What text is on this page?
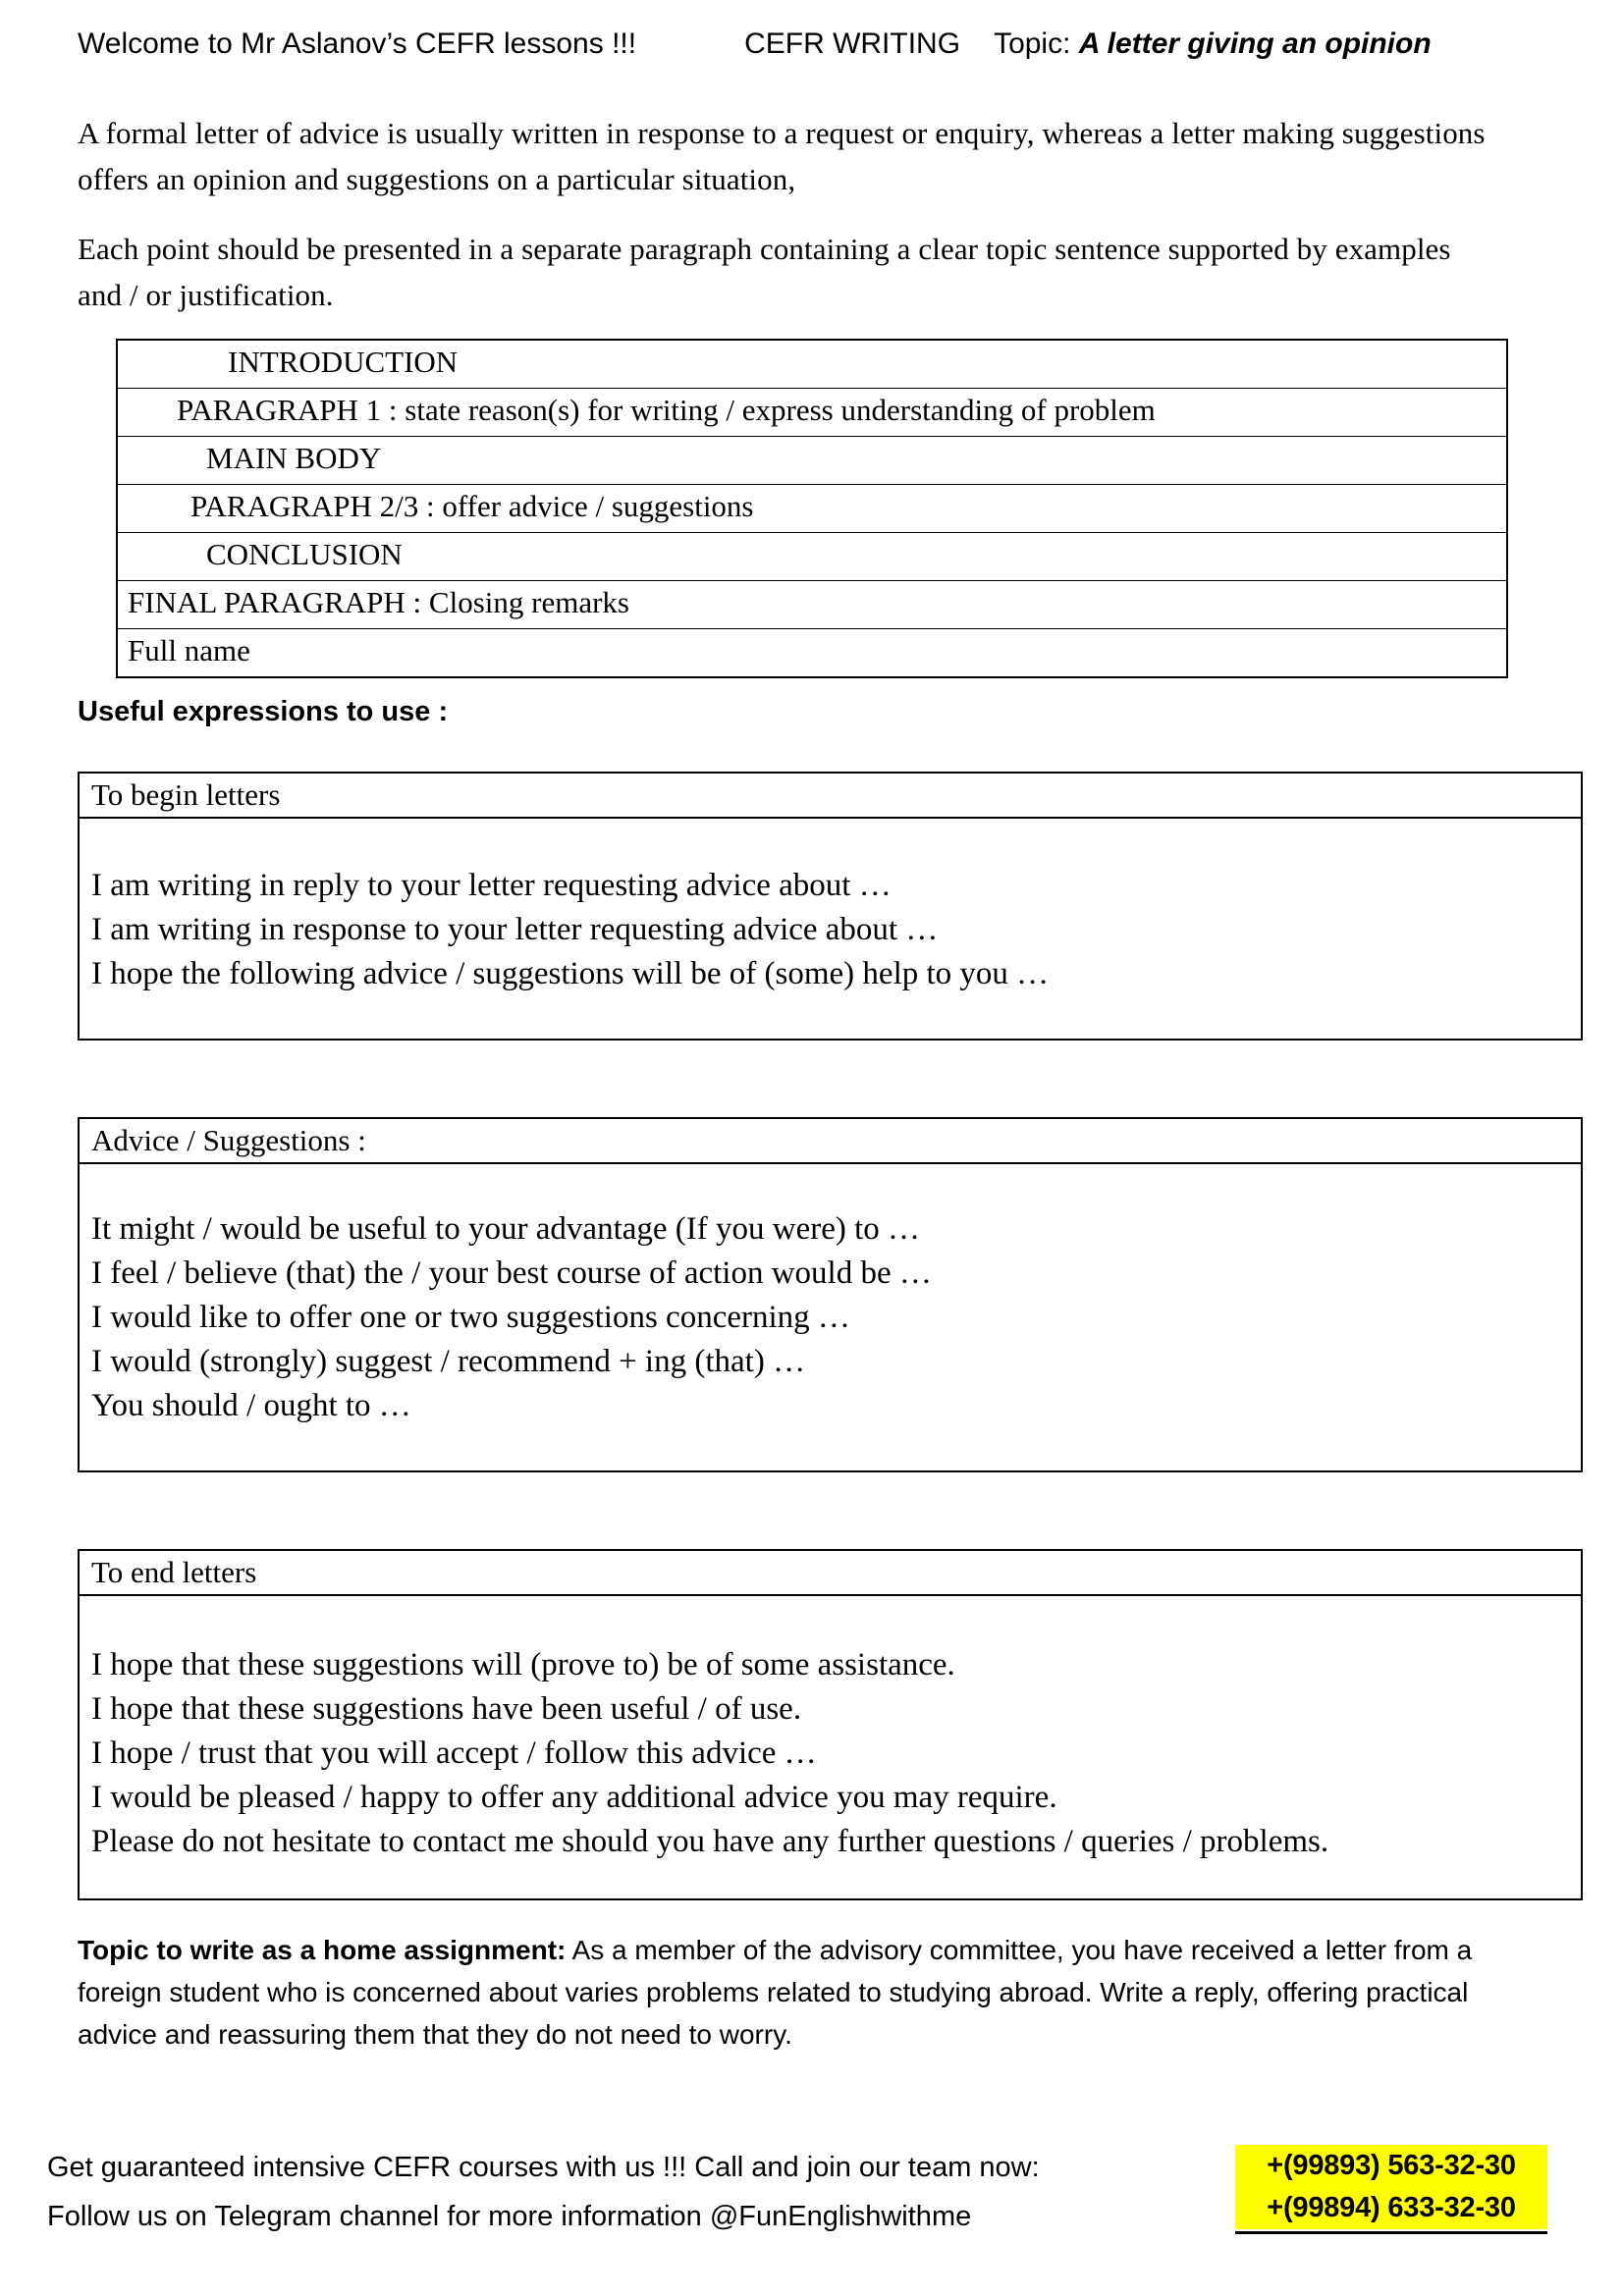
Welcome to Mr Aslanov’s CEFR lessons !!!	CEFR WRITING Topic: A letter giving an opinion
A formal letter of advice is usually written in response to a request or enquiry, whereas a letter making suggestions offers an opinion and suggestions on a particular situation,
Each point should be presented in a separate paragraph containing a clear topic sentence supported by examples and / or justification.
INTRODUCTION
PARAGRAPH 1 : state reason(s) for writing / express understanding of problem
MAIN BODY
PARAGRAPH 2/3 : offer advice / suggestions
CONCLUSION
FINAL PARAGRAPH : Closing remarks
Full name
Useful expressions to use :
To begin letters
I am writing in reply to your letter requesting advice about …
I am writing in response to your letter requesting advice about …
I hope the following advice / suggestions will be of (some) help to you …
Advice / Suggestions :
It might / would be useful to your advantage (If you were) to …
I feel / believe (that) the / your best course of action would be …
I would like to offer one or two suggestions concerning …
I would (strongly) suggest / recommend + ing (that) …
You should / ought to …
To end letters
I hope that these suggestions will (prove to) be of some assistance.
I hope that these suggestions have been useful / of use.
I hope / trust that you will accept / follow this advice …
I would be pleased / happy to offer any additional advice you may require.
Please do not hesitate to contact me should you have any further questions / queries / problems.
Topic to write as a home assignment: As a member of the advisory committee, you have received a letter from a foreign student who is concerned about varies problems related to studying abroad. Write a reply, offering practical advice and reassuring them that they do not need to worry.
Get guaranteed intensive CEFR courses with us !!! Call and join our team now:
Follow us on Telegram channel for more information @FunEnglishwithme
+(99893) 563-32-30
+(99894) 633-32-30
